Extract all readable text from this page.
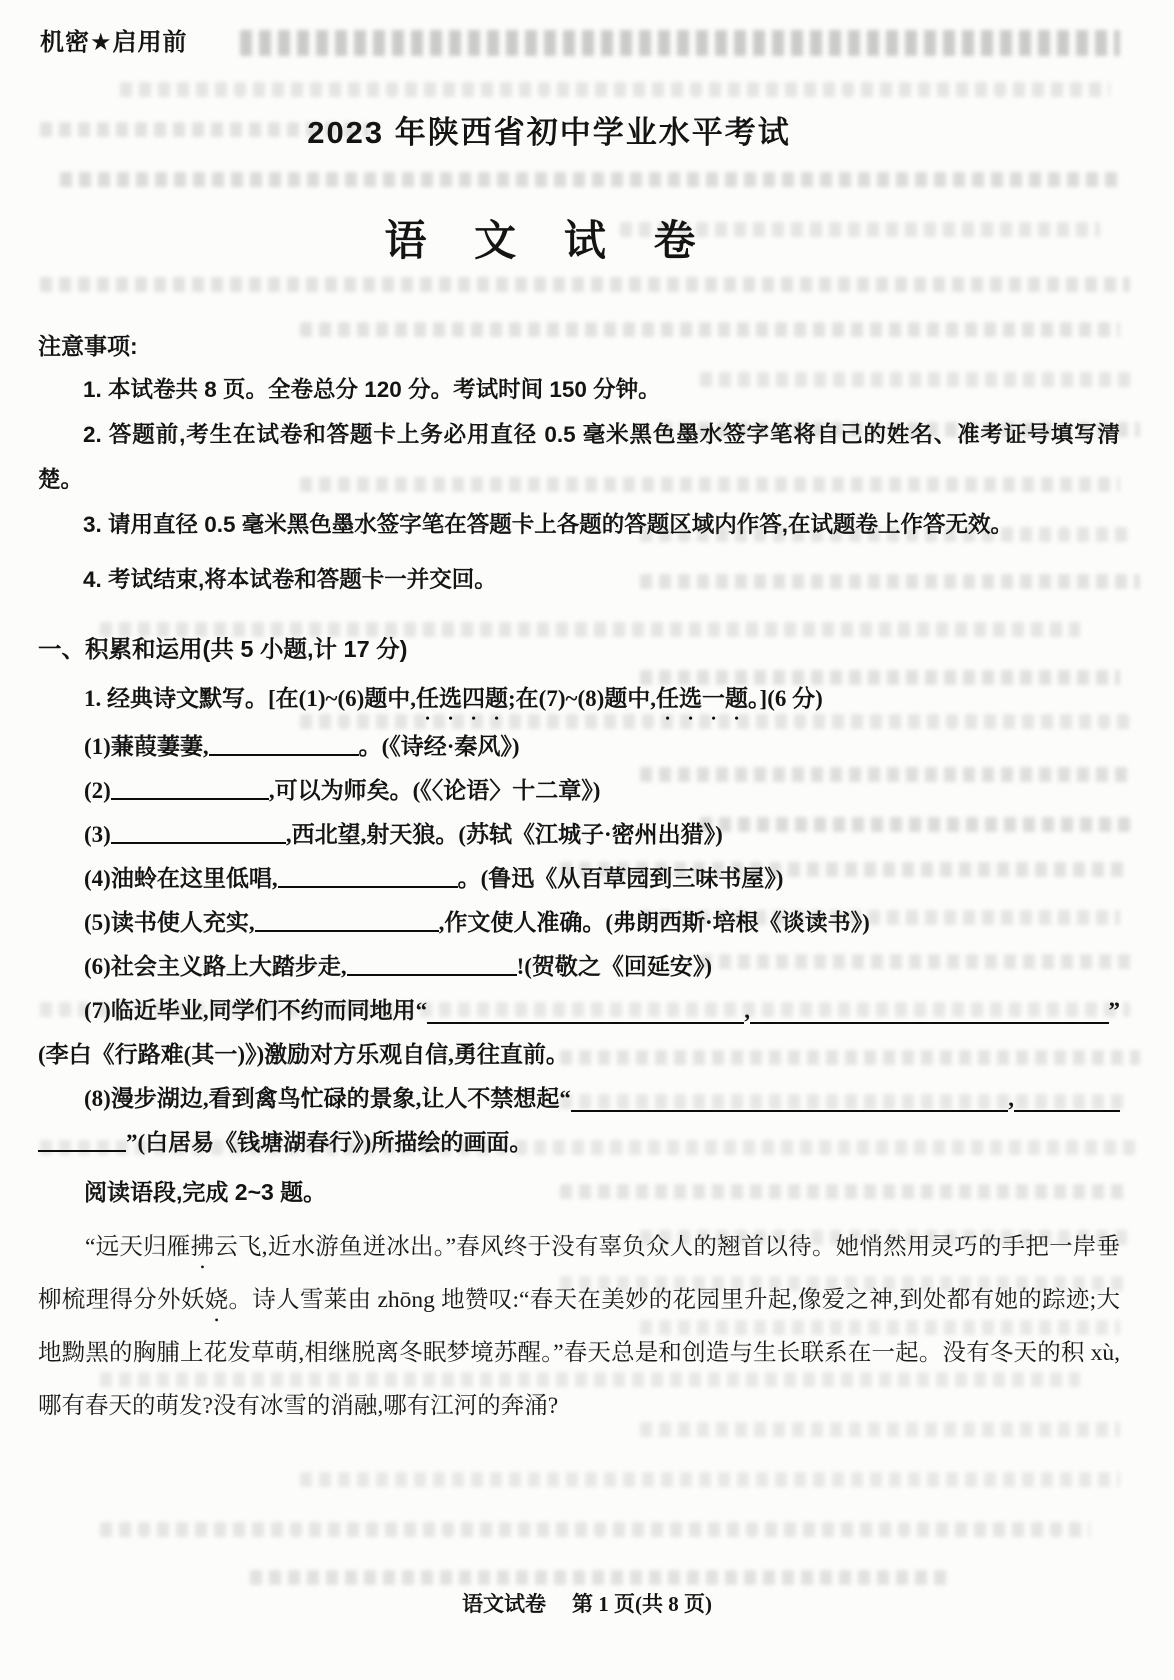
机密★启用前
2023 年陕西省初中学业水平考试
语 文 试 卷
注意事项:

1. 本试卷共 8 页。全卷总分 120 分。考试时间 150 分钟。

2. 答题前,考生在试卷和答题卡上务必用直径 0.5 毫米黑色墨水签字笔将自己的姓名、准考证号填写清楚。

3. 请用直径 0.5 毫米黑色墨水签字笔在答题卡上各题的答题区域内作答,在试题卷上作答无效。

4. 考试结束,将本试卷和答题卡一并交回。

一、积累和运用(共 5 小题,计 17 分)
1. 经典诗文默写。[在(1)~(6)题中,任选四题;在(7)~(8)题中,任选一题。](6 分)
(1)蒹葭萋萋,	。(《诗经·秦风》)
(2)	,可以为师矣。(《〈论语〉十二章》)
(3)	,西北望,射天狼。(苏轼《江城子·密州出猎》)
(4)油蛉在这里低唱,	。(鲁迅《从百草园到三味书屋》)
(5)读书使人充实,	,作文使人准确。(弗朗西斯·培根《谈读书》)
(6)社会主义路上大踏步走,	!(贺敬之《回延安》)
(7)临近毕业,同学们不约而同地用“	,	”
(李白《行路难(其一)》)激励对方乐观自信,勇往直前。
(8)漫步湖边,看到禽鸟忙碌的景象,让人不禁想起“	,
”(白居易《钱塘湖春行》)所描绘的画面。
阅读语段,完成 2~3 题。

“远天归雁拂云飞,近水游鱼迸冰出。”春风终于没有辜负众人的翘首以待。她悄然用灵巧的手把一岸垂柳梳理得分外妖娆。诗人雪莱由 zhōng 地赞叹:“春天在美妙的花园里升起,像爱之神,到处都有她的踪迹;大地黝黑的胸脯上花发草萌,相继脱离冬眠梦境苏醒。”春天总是和创造与生长联系在一起。没有冬天的积 xù,哪有春天的萌发?没有冰雪的消融,哪有江河的奔涌?

语文试卷 第 1 页(共 8 页)
